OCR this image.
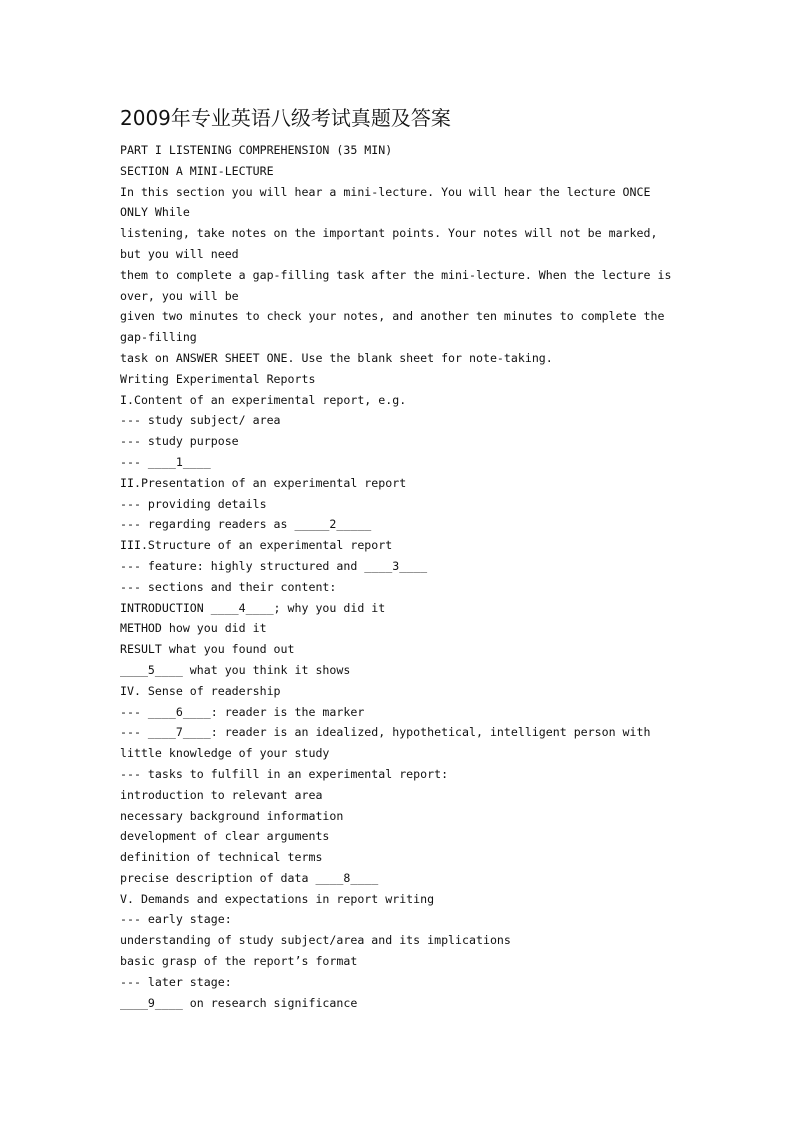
2009年专业英语八级考试真题及答案

PART I LISTENING COMPREHENSION (35 MIN)

SECTION A MINI-LECTURE

In this section you will hear a mini-lecture. You will hear the lecture ONCE

ONLY While

listening, take notes on the important points. Your notes will not be marked,

but you will need

them to complete a gap-filling task after the mini-lecture. When the lecture is

over, you will be

given two minutes to check your notes, and another ten minutes to complete the

gap-filling

task on ANSWER SHEET ONE. Use the blank sheet for note-taking.

Writing Experimental Reports

I.Content of an experimental report, e.g.

--- study subject/ area

--- study purpose

--- ____1____

II.Presentation of an experimental report

--- providing details

--- regarding readers as _____2_____

III.Structure of an experimental report

--- feature: highly structured and ____3____

--- sections and their content:

INTRODUCTION ____4____; why you did it

METHOD how you did it

RESULT what you found out

____5____ what you think it shows

IV. Sense of readership

--- ____6____: reader is the marker

--- ____7____: reader is an idealized, hypothetical, intelligent person with

little knowledge of your study

--- tasks to fulfill in an experimental report:

introduction to relevant area

necessary background information

development of clear arguments

definition of technical terms

precise description of data ____8____

V. Demands and expectations in report writing

--- early stage:

understanding of study subject/area and its implications

basic grasp of the report’s format

--- later stage:

____9____ on research significance
